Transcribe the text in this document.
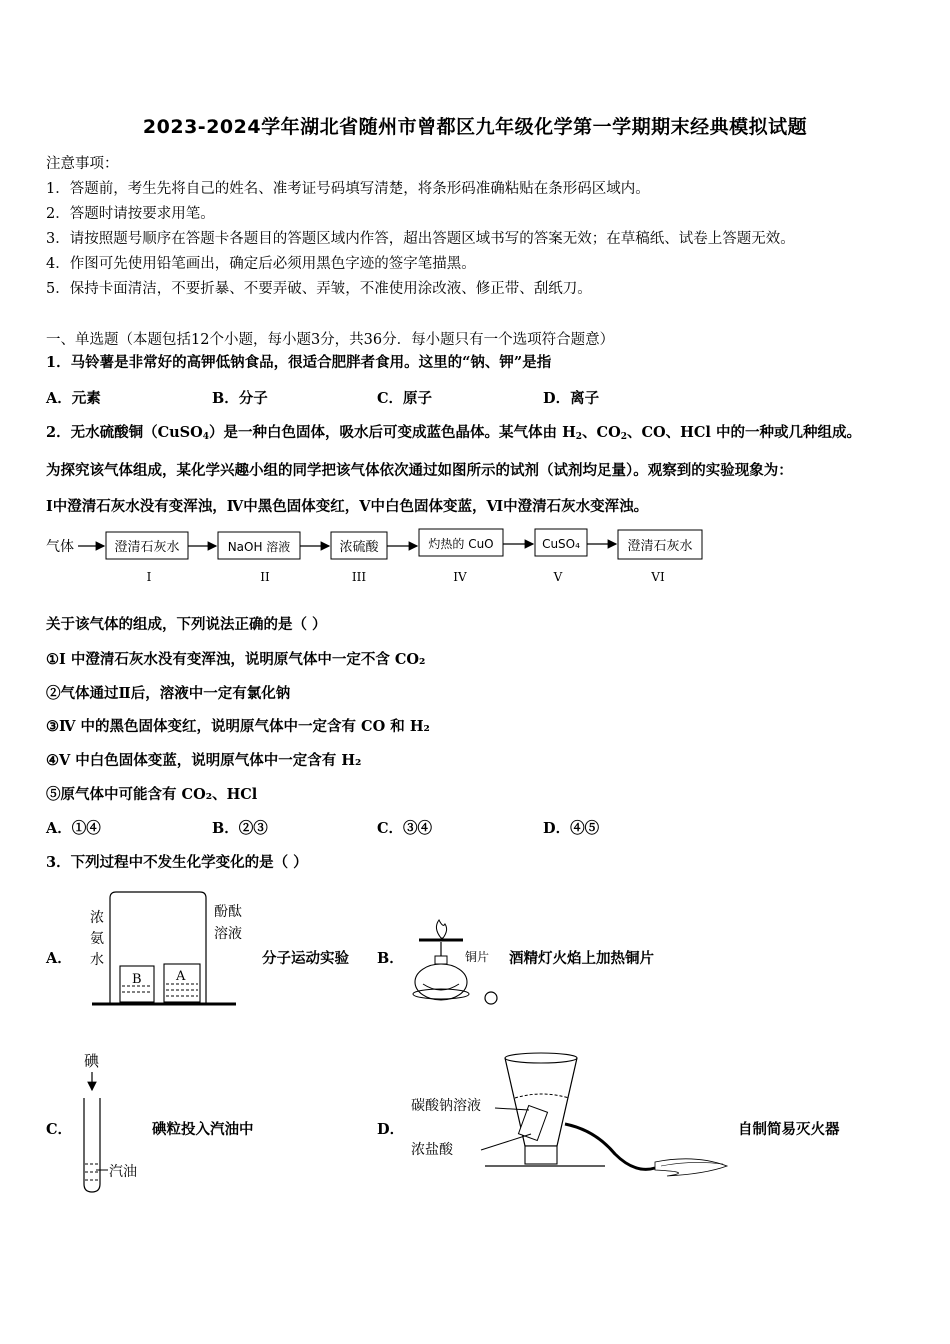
2023-2024学年湖北省随州市曾都区九年级化学第一学期期末经典模拟试题
注意事项：
1．答题前，考生先将自己的姓名、准考证号码填写清楚，将条形码准确粘贴在条形码区域内。
2．答题时请按要求用笔。
3．请按照题号顺序在答题卡各题目的答题区域内作答，超出答题区域书写的答案无效；在草稿纸、试卷上答题无效。
4．作图可先使用铅笔画出，确定后必须用黑色字迹的签字笔描黑。
5．保持卡面清洁，不要折暴、不要弄破、弄皱，不准使用涂改液、修正带、刮纸刀。
一、单选题（本题包括12个小题，每小题3分，共36分．每小题只有一个选项符合题意）
1．马铃薯是非常好的高钾低钠食品，很适合肥胖者食用。这里的“钠、钾”是指
A．元素	B．分子	C．原子	D．离子
2．无水硫酸铜（CuSO$_4$）是一种白色固体，吸水后可变成蓝色晶体。某气体由 $H_2$、$CO_2$、CO、HCl 中的一种或几种组成。
为探究该气体组成，某化学兴趣小组的同学把该气体依次通过如图所示的试剂（试剂均足量）。观察到的实验现象为：
I中澄清石灰水没有变浑浊，Ⅳ中黑色固体变红，V中白色固体变蓝，Ⅵ中澄清石灰水变浑浊。
气体	澄清石灰水	NaOH 溶液	浓硫酸	灼热的 CuO	CuSO₄	澄清石灰水
I	II	III	IV	V	VI
关于该气体的组成，下列说法正确的是（ ）
①I 中澄清石灰水没有变浑浊，说明原气体中一定不含 CO₂
②气体通过Ⅱ后，溶液中一定有氯化钠
③Ⅳ 中的黑色固体变红，说明原气体中一定含有 CO 和 H₂
④V 中白色固体变蓝，说明原气体中一定含有 H₂
⑤原气体中可能含有 CO₂、HCl
A．①④	B．②③	C．③④	D．④⑤
3．下列过程中不发生化学变化的是（ ）
A．
浓
氨
水
酚酞
溶液
B	A
分子运动实验 B．	铜片 酒精灯火焰上加热铜片
C．
碘
汽油
碘粒投入汽油中	D．
碳酸钠溶液
浓盐酸
自制简易灭火器
